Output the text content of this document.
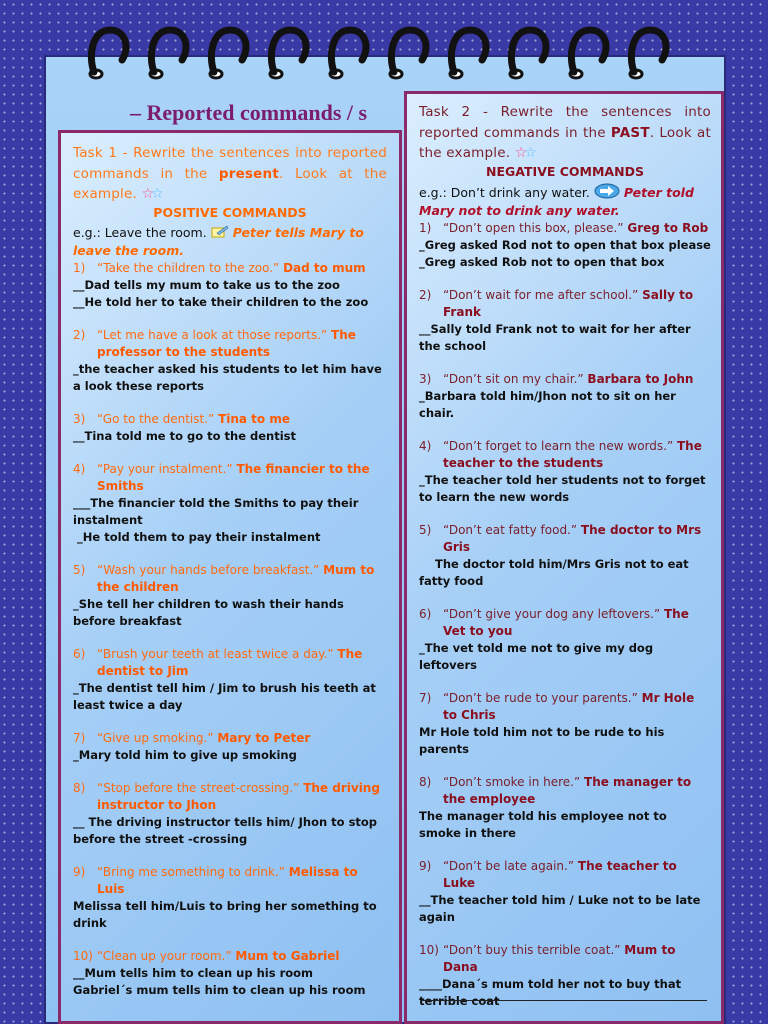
– Reported commands / s
Task 1 - Rewrite the sentences into reported commands in the present. Look at the example. ☆☆
POSITIVE COMMANDS
e.g.: Leave the room. Peter tells Mary to leave the room.
1) “Take the children to the zoo.” Dad to mum
__Dad tells my mum to take us to the zoo
__He told her to take their children to the zoo
2) “Let me have a look at those reports.” The professor to the students
_the teacher asked his students to let him have a look these reports
3) “Go to the dentist.” Tina to me
__Tina told me to go to the dentist
4) “Pay your instalment.” The financier to the Smiths
___The financier told the Smiths to pay their instalment
_He told them to pay their instalment
5) “Wash your hands before breakfast.” Mum to the children
_She tell her children to wash their hands before breakfast
6) “Brush your teeth at least twice a day.” The dentist to Jim
_The dentist tell him / Jim to brush his teeth at least twice a day
7) “Give up smoking.” Mary to Peter
_Mary told him to give up smoking
8) “Stop before the street-crossing.” The driving instructor to Jhon
__ The driving instructor tells him/ Jhon to stop before the street -crossing
9) “Bring me something to drink.” Melissa to Luis
Melissa tell him/Luis to bring her something to drink
10) “Clean up your room.” Mum to Gabriel
__Mum tells him to clean up his room
Gabriel´s mum tells him to clean up his room
Task 2 - Rewrite the sentences into reported commands in the PAST. Look at the example. ☆☆
NEGATIVE COMMANDS
e.g.: Don’t drink any water.	Peter told Mary not to drink any water.
1) “Don’t open this box, please.” Greg to Rob
_Greg asked Rod not to open that box please
_Greg asked Rob not to open that box
2) “Don’t wait for me after school.” Sally to Frank
__Sally told Frank not to wait for her after the school
3) “Don’t sit on my chair.” Barbara to John
_Barbara told him/Jhon not to sit on her chair.
4) “Don’t forget to learn the new words.” The teacher to the students
_The teacher told her students not to forget to learn the new words
5) “Don’t eat fatty food.” The doctor to Mrs Gris
The doctor told him/Mrs Gris not to eat    fatty food
6) “Don’t give your dog any leftovers.” The Vet to you
_The vet told me not to give my dog leftovers
7) “Don’t be rude to your parents.” Mr Hole to Chris
Mr Hole told him not to be rude to his parents
8) “Don’t smoke in here.” The manager to the employee
The manager told his employee not to smoke in there
9) “Don’t be late again.” The teacher to Luke
__The teacher told him / Luke not to be late again
10) “Don’t buy this terrible coat.” Mum to Dana
____Dana´s mum told her not to buy that terrible coat
